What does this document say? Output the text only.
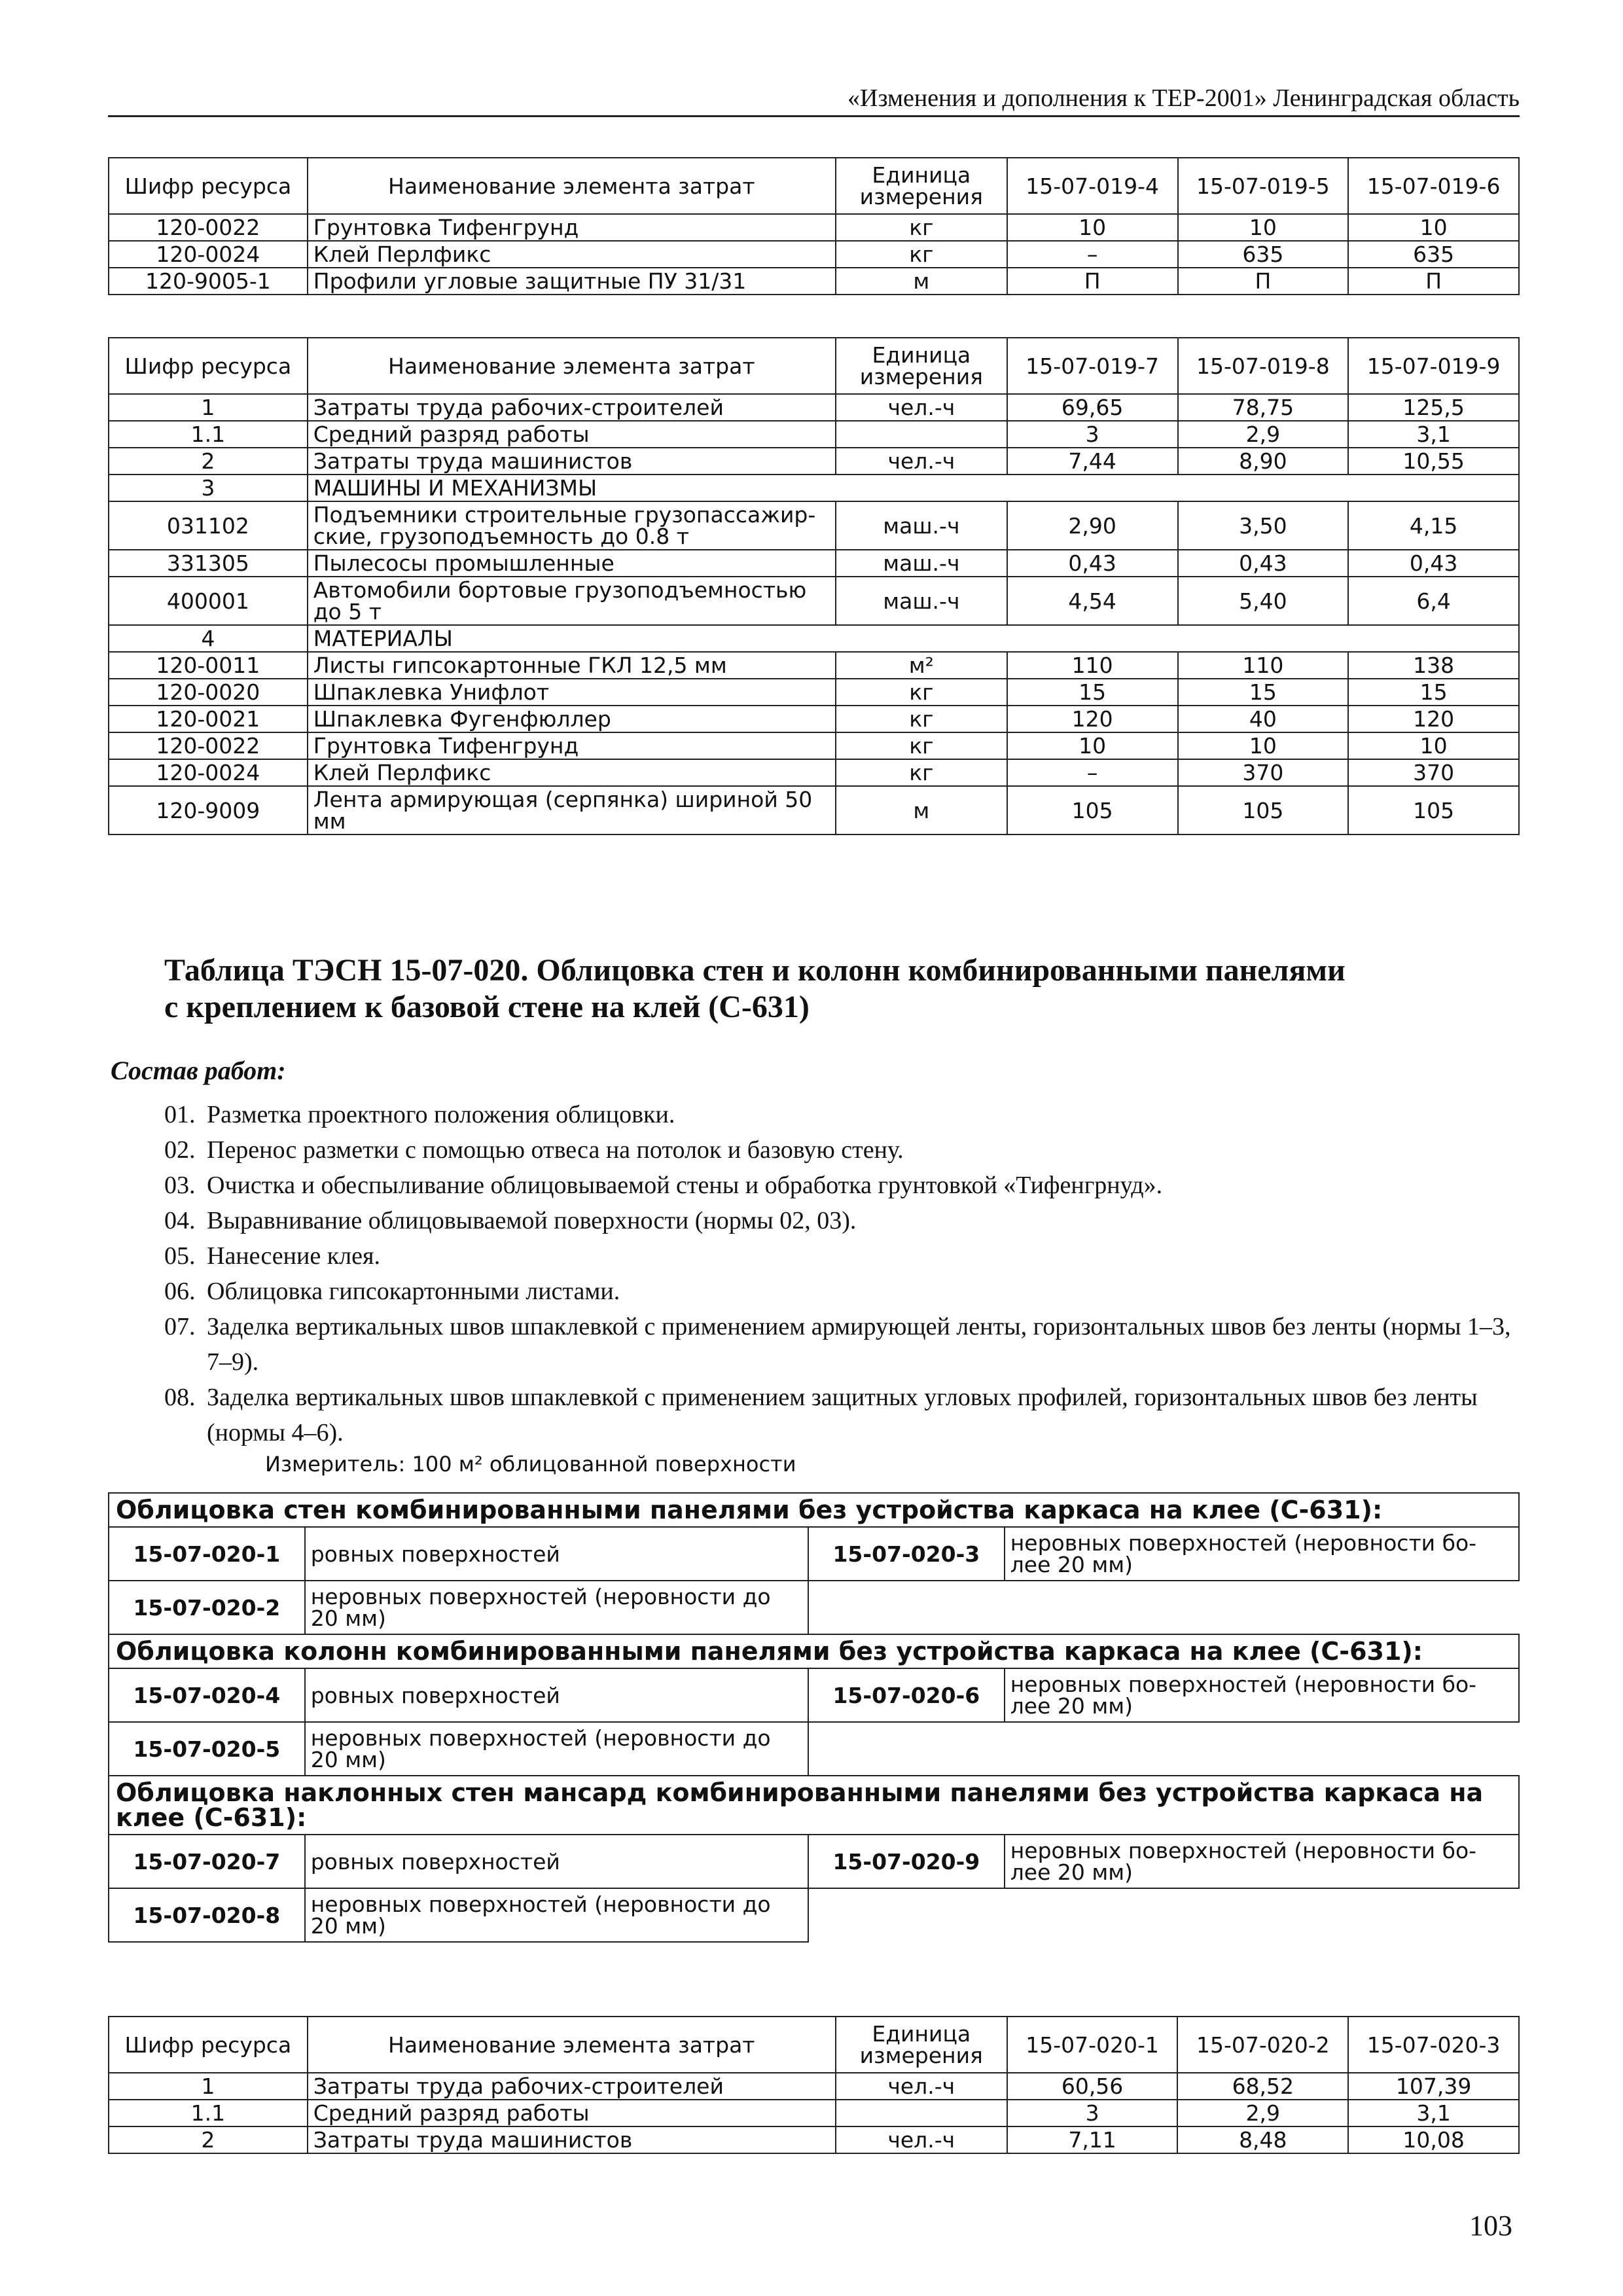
«Изменения и дополнения к ТЕР-2001» Ленинградская область
Шифр ресурса	Наименование элемента затрат	Единица измерения	15-07-019-4	15-07-019-5	15-07-019-6
120-0022	Грунтовка Тифенгрунд	кг	10	10	10
120-0024	Клей Перлфикс	кг	–	635	635
120-9005-1	Профили угловые защитные ПУ 31/31	м	П	П	П
Шифр ресурса	Наименование элемента затрат	Единица измерения	15-07-019-7	15-07-019-8	15-07-019-9
1	Затраты труда рабочих-строителей	чел.-ч	69,65	78,75	125,5
1.1	Средний разряд работы		3	2,9	3,1
2	Затраты труда машинистов	чел.-ч	7,44	8,90	10,55
3	МАШИНЫ И МЕХАНИЗМЫ				
031102	Подъемники строительные грузопассажир-ские, грузоподъемность до 0.8 т	маш.-ч	2,90	3,50	4,15
331305	Пылесосы промышленные	маш.-ч	0,43	0,43	0,43
400001	Автомобили бортовые грузоподъемностью до 5 т	маш.-ч	4,54	5,40	6,4
4	МАТЕРИАЛЫ				
120-0011	Листы гипсокартонные ГКЛ 12,5 мм	м²	110	110	138
120-0020	Шпаклевка Унифлот	кг	15	15	15
120-0021	Шпаклевка Фугенфюллер	кг	120	40	120
120-0022	Грунтовка Тифенгрунд	кг	10	10	10
120-0024	Клей Перлфикс	кг	–	370	370
120-9009	Лента армирующая (серпянка) шириной 50 мм	м	105	105	105
Таблица ТЭСН 15-07-020. Облицовка стен и колонн комбинированными панелями
с креплением к базовой стене на клей (С-631)
Состав работ:
01. Разметка проектного положения облицовки.
02. Перенос разметки с помощью отвеса на потолок и базовую стену.
03. Очистка и обеспыливание облицовываемой стены и обработка грунтовкой «Тифенгрнуд».
04. Выравнивание облицовываемой поверхности (нормы 02, 03).
05. Нанесение клея.
06. Облицовка гипсокартонными листами.
07. Заделка вертикальных швов шпаклевкой с применением армирующей ленты, горизонтальных швов без ленты (нормы 1–3, 7–9).
08. Заделка вертикальных швов шпаклевкой с применением защитных угловых профилей, горизонтальных швов без ленты (нормы 4–6).
Измеритель: 100 м² облицованной поверхности
Облицовка стен комбинированными панелями без устройства каркаса на клее (С-631):			
15-07-020-1	ровных поверхностей	15-07-020-3	неровных поверхностей (неровности бо-лее 20 мм)
15-07-020-2	неровных поверхностей (неровности до 20 мм)		
Облицовка колонн комбинированными панелями без устройства каркаса на клее (С-631):			
15-07-020-4	ровных поверхностей	15-07-020-6	неровных поверхностей (неровности бо-лее 20 мм)
15-07-020-5	неровных поверхностей (неровности до 20 мм)		
Облицовка наклонных стен мансард комбинированными панелями без устройства каркаса на клее (С-631):			
15-07-020-7	ровных поверхностей	15-07-020-9	неровных поверхностей (неровности бо-лее 20 мм)
15-07-020-8	неровных поверхностей (неровности до 20 мм)		
Шифр ресурса	Наименование элемента затрат	Единица измерения	15-07-020-1	15-07-020-2	15-07-020-3
1	Затраты труда рабочих-строителей	чел.-ч	60,56	68,52	107,39
1.1	Средний разряд работы		3	2,9	3,1
2	Затраты труда машинистов	чел.-ч	7,11	8,48	10,08
103
